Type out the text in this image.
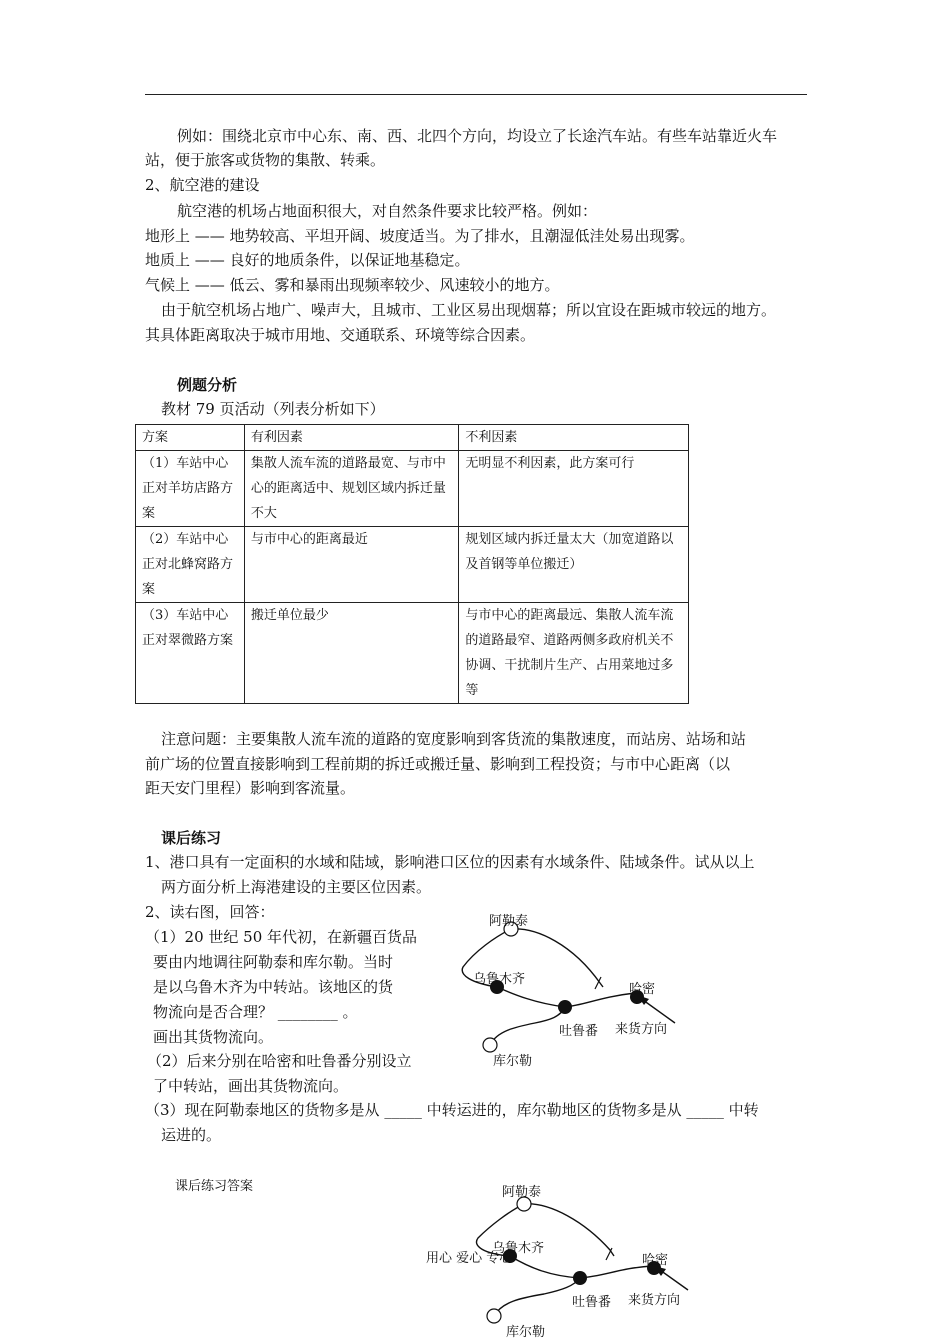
例如：围绕北京市中心东、南、西、北四个方向，均设立了长途汽车站。有些车站靠近火车
站，便于旅客或货物的集散、转乘。
2、航空港的建设
航空港的机场占地面积很大，对自然条件要求比较严格。例如：
地形上 —— 地势较高、平坦开阔、坡度适当。为了排水，且潮湿低洼处易出现雾。
地质上 —— 良好的地质条件，以保证地基稳定。
气候上 —— 低云、雾和暴雨出现频率较少、风速较小的地方。
由于航空机场占地广、噪声大，且城市、工业区易出现烟幕；所以宜设在距城市较远的地方。
其具体距离取决于城市用地、交通联系、环境等综合因素。
例题分析
教材 79 页活动（列表分析如下）
方案	有利因素	不利因素
（1）车站中心正对羊坊店路方案	集散人流车流的道路最宽、与市中心的距离适中、规划区域内拆迁量不大	无明显不利因素，此方案可行
（2）车站中心正对北蜂窝路方案	与市中心的距离最近	规划区域内拆迁量太大（加宽道路以及首钢等单位搬迁）
（3）车站中心正对翠微路方案	搬迁单位最少	与市中心的距离最远、集散人流车流的道路最窄、道路两侧多政府机关不协调、干扰制片生产、占用菜地过多等
注意问题：主要集散人流车流的道路的宽度影响到客货流的集散速度，而站房、站场和站
前广场的位置直接影响到工程前期的拆迁或搬迁量、影响到工程投资；与市中心距离（以
距天安门里程）影响到客流量。
课后练习
1、港口具有一定面积的水域和陆域，影响港口区位的因素有水域条件、陆域条件。试从以上
两方面分析上海港建设的主要区位因素。
2、读右图，回答：
（1）20 世纪 50 年代初，在新疆百货品
要由内地调往阿勒泰和库尔勒。当时
是以乌鲁木齐为中转站。该地区的货
物流向是否合理？ ________ 。
画出其货物流向。
（2）后来分别在哈密和吐鲁番分别设立
了中转站，画出其货物流向。
（3）现在阿勒泰地区的货物多是从 _____ 中转运进的，库尔勒地区的货物多是从 _____ 中转
运进的。
阿勒泰
乌鲁木齐
哈密
吐鲁番 来货方向
库尔勒
课后练习答案	阿勒泰
乌鲁木齐
用心 爱心 专心	哈密
吐鲁番 来货方向
库尔勒
